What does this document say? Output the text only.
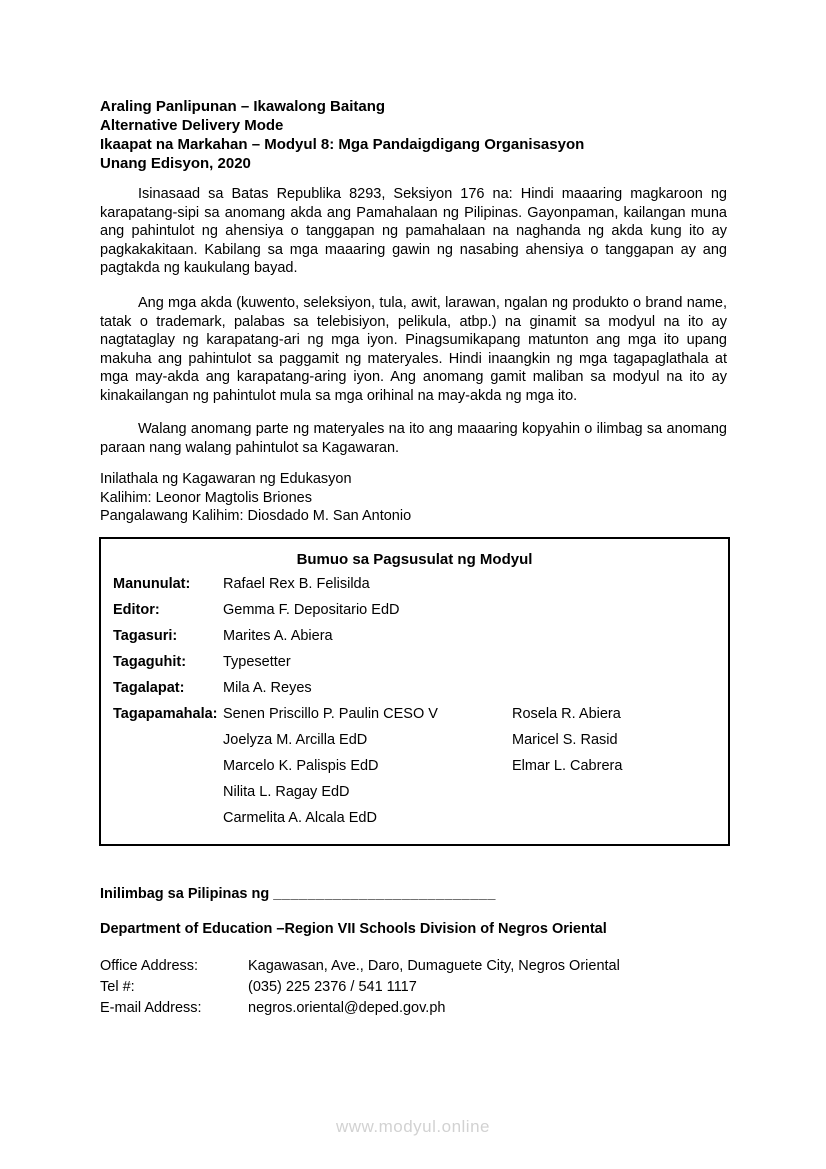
Araling Panlipunan – Ikawalong Baitang
Alternative Delivery Mode
Ikaapat na Markahan – Modyul 8: Mga Pandaigdigang Organisasyon
Unang Edisyon, 2020
Isinasaad sa Batas Republika 8293, Seksiyon 176 na: Hindi maaaring magkaroon ng karapatang-sipi sa anomang akda ang Pamahalaan ng Pilipinas. Gayonpaman, kailangan muna ang pahintulot ng ahensiya o tanggapan ng pamahalaan na naghanda ng akda kung ito ay pagkakakitaan. Kabilang sa mga maaaring gawin ng nasabing ahensiya o tanggapan ay ang pagtakda ng kaukulang bayad.
Ang mga akda (kuwento, seleksiyon, tula, awit, larawan, ngalan ng produkto o brand name, tatak o trademark, palabas sa telebisiyon, pelikula, atbp.) na ginamit sa modyul na ito ay nagtataglay ng karapatang-ari ng mga iyon. Pinagsumikapang matunton ang mga ito upang makuha ang pahintulot sa paggamit ng materyales. Hindi inaangkin ng mga tagapaglathala at mga may-akda ang karapatang-aring iyon. Ang anomang gamit maliban sa modyul na ito ay kinakailangan ng pahintulot mula sa mga orihinal na may-akda ng mga ito.
Walang anomang parte ng materyales na ito ang maaaring kopyahin o ilimbag sa anomang paraan nang walang pahintulot sa Kagawaran.
Inilathala ng Kagawaran ng Edukasyon
Kalihim: Leonor Magtolis Briones
Pangalawang Kalihim: Diosdado M. San Antonio
Bumuo sa Pagsusulat ng Modyul
Manunulat:	Rafael Rex B. Felisilda
Editor:	Gemma F. Depositario EdD
Tagasuri:	Marites A. Abiera
Tagaguhit:	Typesetter
Tagalapat:	Mila A. Reyes
Tagapamahala: Senen Priscillo P. Paulin CESO V	Rosela R. Abiera
Joelyza M. Arcilla EdD	Maricel S. Rasid
Marcelo K. Palispis EdD	Elmar L. Cabrera
Nilita L. Ragay EdD
Carmelita A. Alcala EdD
Inilimbag sa Pilipinas ng __________________________
Department of Education –Region VII Schools Division of Negros Oriental
Office Address:	Kagawasan, Ave., Daro, Dumaguete City, Negros Oriental
Tel #:	(035) 225 2376 / 541 1117
E-mail Address:	negros.oriental@deped.gov.ph
www.modyul.online
